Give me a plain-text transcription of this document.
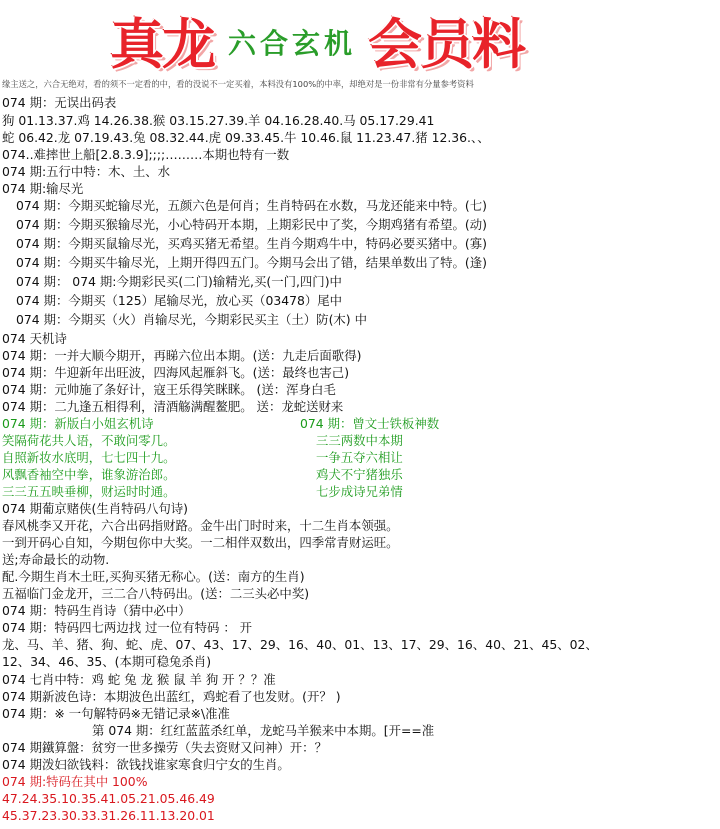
真龙 六合玄机 会员料
缘主送之，六合无绝对，看的须不一定看的中，看的没说不一定买着，本料没有100%的中率，却绝对是一份非常有分量参考资料
074 期：无误出码表
狗 01.13.37.鸡 14.26.38.猴 03.15.27.39.羊 04.16.28.40.马 05.17.29.41
蛇 06.42.龙 07.19.43.兔 08.32.44.虎 09.33.45.牛 10.46.鼠 11.23.47.猪 12.36.、、
074..难摔世上船[2.8.3.9];;;;………本期也特有一数
074 期:五行中特：木、土、水
074 期:输尽光
074 期：今期买蛇输尽光，五颜六色是何肖；生肖特码在水数，马龙还能来中特。(七)
074 期：今期买猴输尽光，小心特码开本期，上期彩民中了奖，今期鸡猪有希望。(动)
074 期：今期买鼠输尽光，买鸡买猪无希望。生肖今期鸡牛中，特码必要买猪中。(寡)
074 期：今期买牛输尽光，上期开得四五门。今期马会出了错，结果单数出了特。(逢)
074 期： 074 期:今期彩民买(二门)输精光,买(一门,四门)中
074 期：今期买（125）尾输尽光，放心买（03478）尾中
074 期：今期买（火）肖输尽光，今期彩民买主（土）防(木) 中
074 天机诗
074 期：一并大顺今期开，再睇六位出本期。(送：九走后面歌得)
074 期：牛迎新年出旺波，四海风起雁斜飞。(送：最终也害己)
074 期：元帅施了条好计，寇王乐得笑眯眯。 (送：浑身白毛
074 期：二九逢五相得利，清酒觞满醒鳌肥。 送：龙蛇送财来
074 期：新版白小姐玄机诗
笑隔荷花共人语，不敢问零几。
自照新妆水底明，七七四十九。
风飘香袖空中拳，谁象游治郎。
三三五五映垂柳，财运时时通。
074 期：曾文士铁板神数
三三两数中本期
一争五夺六相让
鸡犬不宁猪独乐
七步成诗兄弟情
074 期葡京赌侠(生肖特码八句诗)
春风桃李又开花，六合出码指财路。金牛出门时时来，十二生肖本领强。
一到开码心自知，今期包你中大奖。一二相伴双数出，四季常青财运旺。
送;寿命最长的动物.
配.今期生肖木土旺,买狗买猪无称心。(送：南方的生肖)
五福临门金龙开，三二合八特码出。(送：二三头必中奖)
074 期：特码生肖诗（猜中必中）
074 期：特码四七两边找 过一位有特码 ： 开
龙、马、羊、猪、狗、蛇、虎、07、43、17、29、16、40、01、13、17、29、16、40、21、45、02、
12、34、46、35、(本期可稳兔杀肖)
074 七肖中特：鸡 蛇 兔 龙 猴 鼠 羊 狗 开 ？？准
074 期新波色诗：本期波色出蓝红，鸡蛇看了也发财。(开？ )
074 期：※ 一句解特码※无错记录※\准准
第 074 期：红红蓝蓝杀红单，龙蛇马羊猴来中本期。[开==准
074 期鐵算盤：贫穷一世多操劳（失去资财又问神）开：？
074 期泼妇欲钱料：欲钱找谁家寒食归宁女的生肖。
074 期:特码在其中 100%
47.24.35.10.35.41.05.21.05.46.49
45.37.23.30.33.31.26.11.13.20.01
